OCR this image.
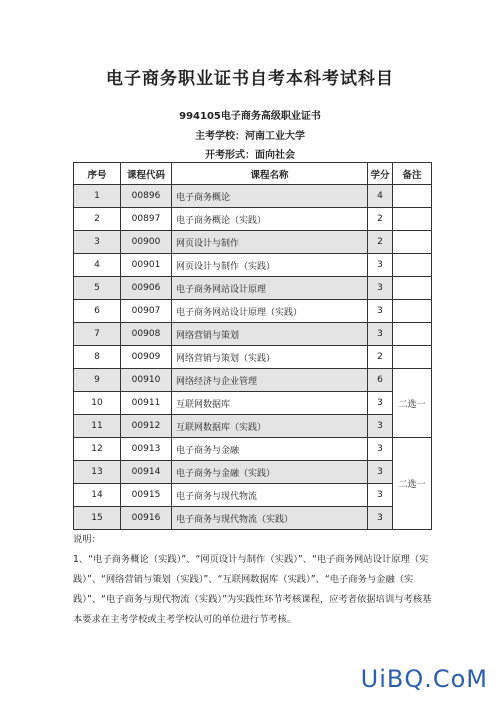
电子商务职业证书自考本科考试科目
994105电子商务高级职业证书
主考学校：河南工业大学
开考形式：面向社会
序号	课程代码	课程名称	学分	备注
1	00896	电子商务概论	4	
2	00897	电子商务概论（实践）	2	
3	00900	网页设计与制作	2	
4	00901	网页设计与制作（实践）	3	
5	00906	电子商务网站设计原理	3	
6	00907	电子商务网站设计原理（实践）	3	
7	00908	网络营销与策划	3	
8	00909	网络营销与策划（实践）	2	
9	00910	网络经济与企业管理	6	二选一
10	00911	互联网数据库	3	
11	00912	互联网数据库（实践）	3	
12	00913	电子商务与金融	3	二选一
13	00914	电子商务与金融（实践）	3	
14	00915	电子商务与现代物流	3	
15	00916	电子商务与现代物流（实践）	3	
说明：
1、“电子商务概论（实践）”、“网页设计与制作（实践）”、“电子商务网站设计原理（实践）”、“网络营销与策划（实践）”、“互联网数据库（实践）”、“电子商务与金融（实践）”、“电子商务与现代物流（实践）”为实践性环节考核课程，应考者依据培训与考核基本要求在主考学校或主考学校认可的单位进行节考核。
UiBQ.CoM
